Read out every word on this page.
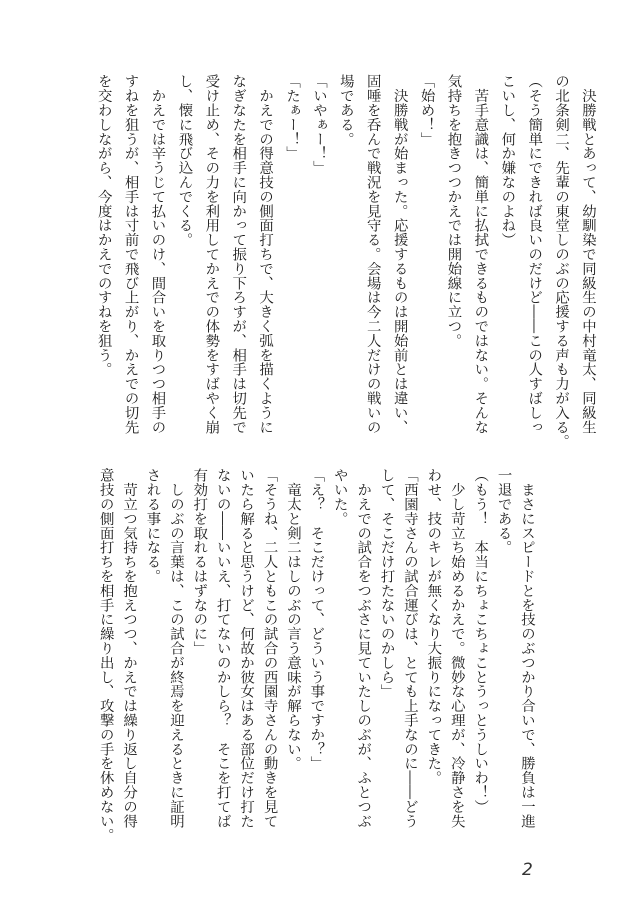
　決勝戦とあって、幼馴染で同級生の中村竜太、同級生
の北条剣二、先輩の東堂しのぶの応援する声も力が入る。
（そう簡単にできれば良いのだけど――この人すばしっ
こいし、何か嫌なのよね）
　苦手意識は、簡単に払拭できるものではない。そんな
気持ちを抱きつつかえでは開始線に立つ。
「始め！」
　決勝戦が始まった。応援するものは開始前とは違い、
固唾を呑んで戦況を見守る。会場は今二人だけの戦いの
場である。
「いやぁー！」
「たぁー！」
　かえでの得意技の側面打ちで、大きく弧を描くように
なぎなたを相手に向かって振り下ろすが、相手は切先で
受け止め、その力を利用してかえでの体勢をすばやく崩
し、懐に飛び込んでくる。
　かえでは辛うじて払いのけ、間合いを取りつつ相手の
すねを狙うが、相手は寸前で飛び上がり、かえでの切先
を交わしながら、今度はかえでのすねを狙う。
　まさにスピードとを技のぶつかり合いで、勝負は一進
一退である。
（もう！　本当にちょこちょことうっとうしいわ！）
　少し苛立ち始めるかえで。微妙な心理が、冷静さを失
わせ、技のキレが無くなり大振りになってきた。
「西園寺さんの試合運びは、とても上手なのに――どう
して、そこだけ打たないのかしら」
　かえでの試合をつぶさに見ていたしのぶが、ふとつぶ
やいた。
「え？　そこだけって、どういう事ですか？」
　竜太と剣二はしのぶの言う意味が解らない。
「そうね、二人ともこの試合の西園寺さんの動きを見て
いたら解ると思うけど、何故か彼女はある部位だけ打た
ないの――いいえ、打てないのかしら？　そこを打てば
有効打を取れるはずなのに」
　しのぶの言葉は、この試合が終焉を迎えるときに証明
される事になる。
　苛立つ気持ちを抱えつつ、かえでは繰り返し自分の得
意技の側面打ちを相手に繰り出し、攻撃の手を休めない。
2
